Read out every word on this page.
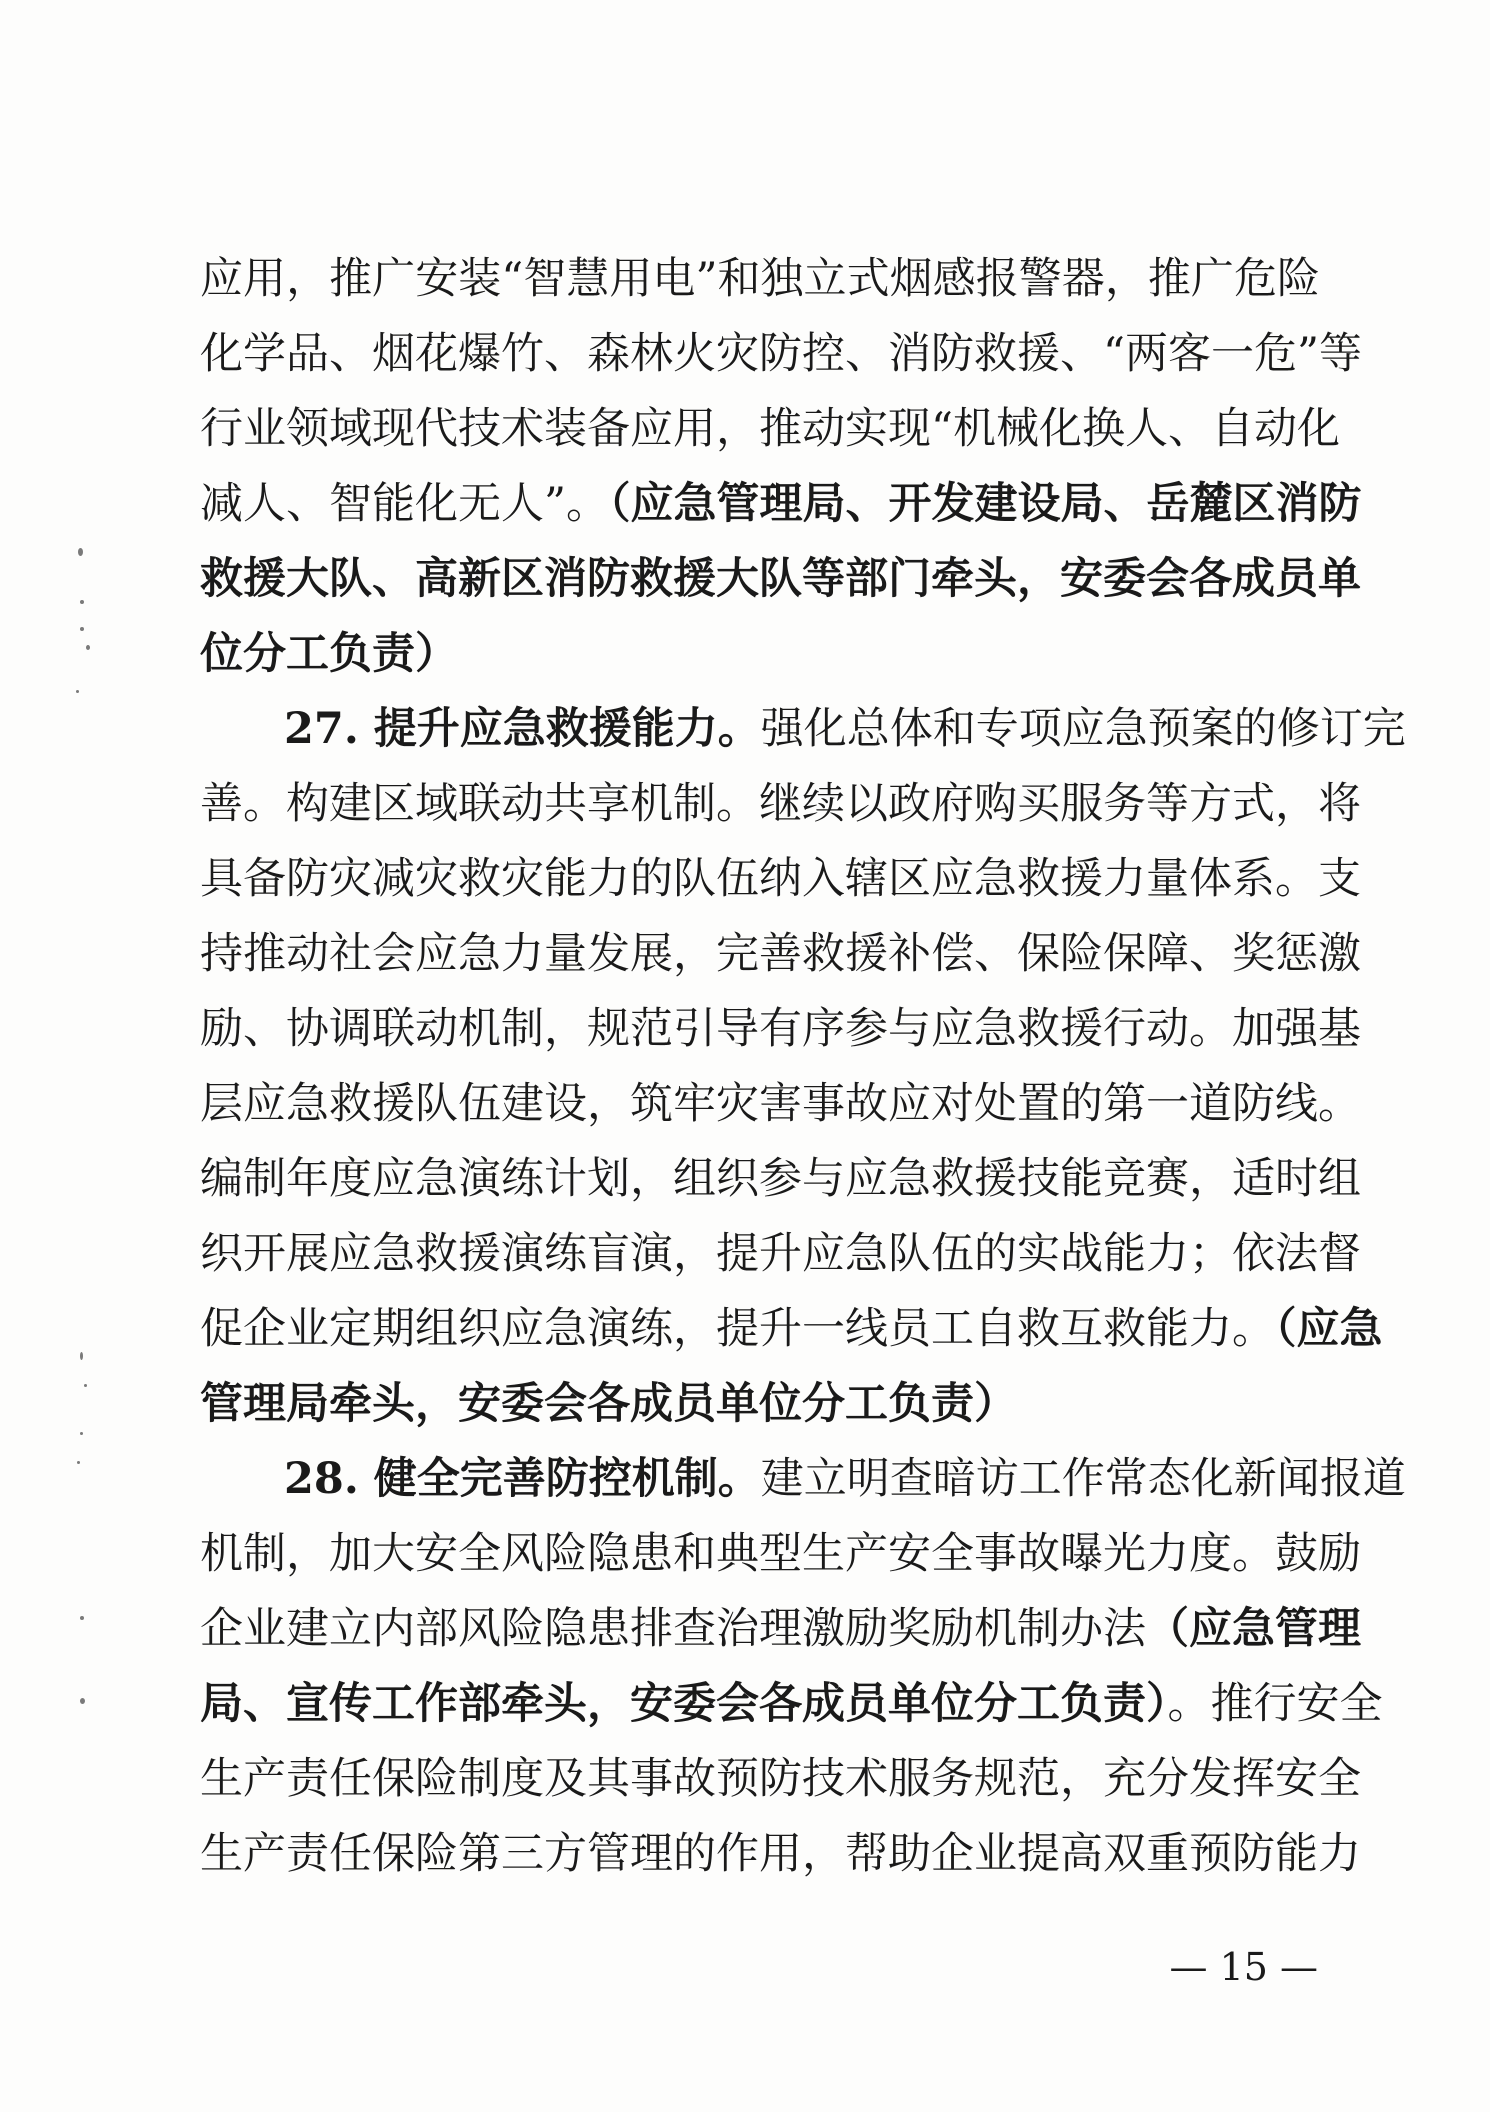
应用，推广安装“智慧用电”和独立式烟感报警器，推广危险
化学品、烟花爆竹、森林火灾防控、消防救援、“两客一危”等
行业领域现代技术装备应用，推动实现“机械化换人、自动化
减人、智能化无人”。（应急管理局、开发建设局、岳麓区消防
救援大队、高新区消防救援大队等部门牵头，安委会各成员单
位分工负责）
27. 提升应急救援能力。强化总体和专项应急预案的修订完
善。构建区域联动共享机制。继续以政府购买服务等方式，将
具备防灾减灾救灾能力的队伍纳入辖区应急救援力量体系。支
持推动社会应急力量发展，完善救援补偿、保险保障、奖惩激
励、协调联动机制，规范引导有序参与应急救援行动。加强基
层应急救援队伍建设，筑牢灾害事故应对处置的第一道防线。
编制年度应急演练计划，组织参与应急救援技能竞赛，适时组
织开展应急救援演练盲演，提升应急队伍的实战能力；依法督
促企业定期组织应急演练，提升一线员工自救互救能力。（应急
管理局牵头，安委会各成员单位分工负责）
28. 健全完善防控机制。建立明查暗访工作常态化新闻报道
机制，加大安全风险隐患和典型生产安全事故曝光力度。鼓励
企业建立内部风险隐患排查治理激励奖励机制办法（应急管理
局、宣传工作部牵头，安委会各成员单位分工负责）。推行安全
生产责任保险制度及其事故预防技术服务规范，充分发挥安全
生产责任保险第三方管理的作用，帮助企业提高双重预防能力
— 15 —
